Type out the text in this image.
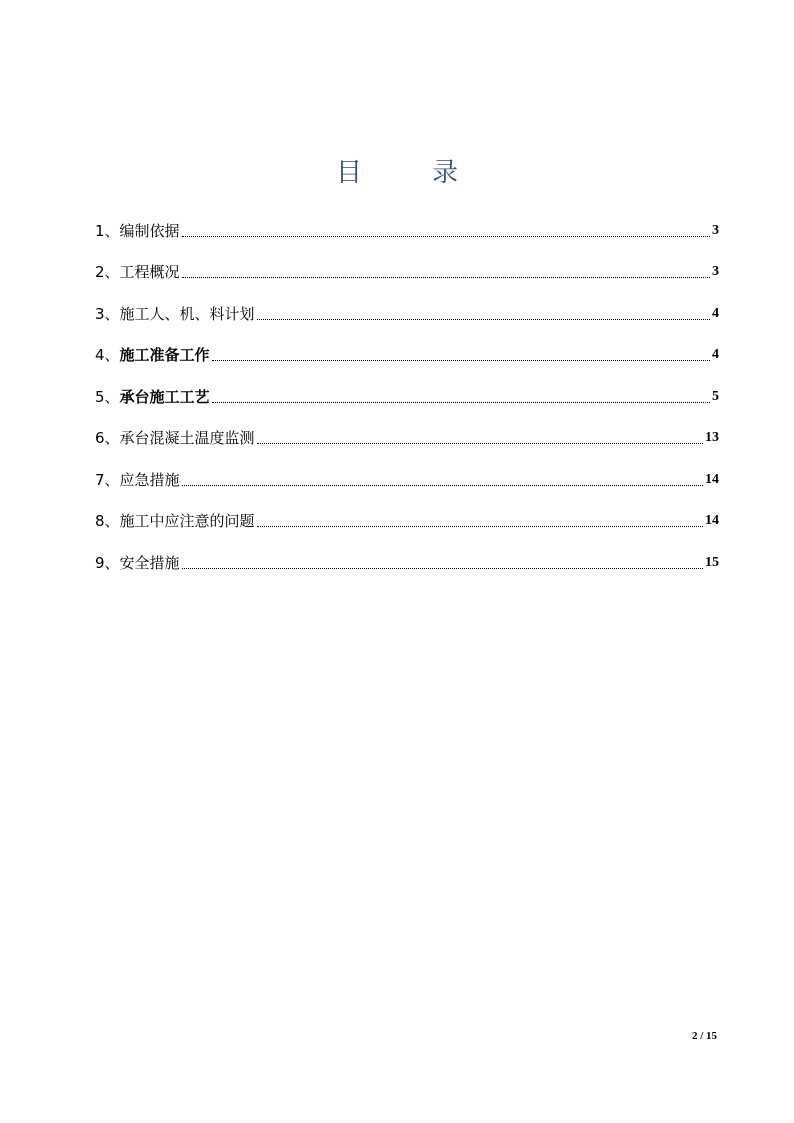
目	录
1、 编制依据	3
2、 工程概况	3
3、 施工人、机、料计划	4
4、 施工准备工作	4
5、 承台施工工艺	5
6、 承台混凝土温度监测	13
7、 应急措施	14
8、 施工中应注意的问题	14
9、 安全措施	15
2 / 15
